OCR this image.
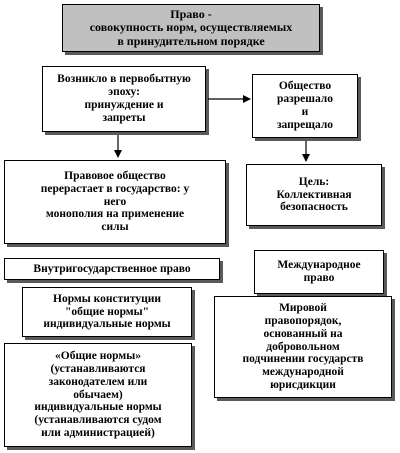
Право -
совокупность норм, осуществляемых
в принудительном порядке
Возникло в первобытную
эпоху:
принуждение и
запреты
Общество
разрешало
и
запрещало
Правовое общество
перерастает в государство: у
него
монополия на применение
силы
Цель:
Коллективная
безопасность
Внутригосударственное право	Международное
право
Нормы конституции
"общие нормы"
индивидуальные нормы
Мировой
правопорядок,
основанный на
добровольном
подчинении государств
международной
юрисдикции
«Общие нормы»
(устанавливаются
законодателем или
обычаем)
индивидуальные нормы
(устанавливаются судом
или администрацией)
